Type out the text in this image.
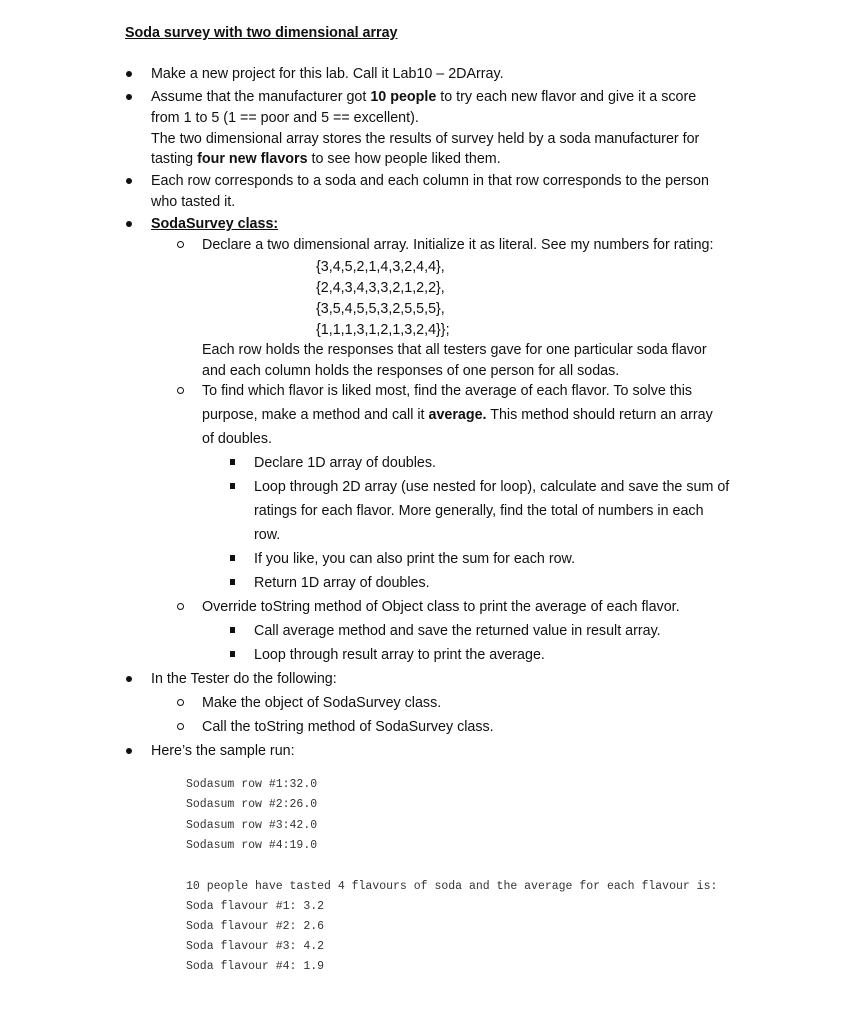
Soda survey with two dimensional array
Make a new project for this lab. Call it Lab10 – 2DArray.
Assume that the manufacturer got 10 people to try each new flavor and give it a score
from 1 to 5 (1 == poor and 5 == excellent).
The two dimensional array stores the results of survey held by a soda manufacturer for
tasting four new flavors to see how people liked them.
Each row corresponds to a soda and each column in that row corresponds to the person
who tasted it.
SodaSurvey class:
Declare a two dimensional array. Initialize it as literal. See my numbers for rating:
{3,4,5,2,1,4,3,2,4,4},
{2,4,3,4,3,3,2,1,2,2},
{3,5,4,5,5,3,2,5,5,5},
{1,1,1,3,1,2,1,3,2,4}};
Each row holds the responses that all testers gave for one particular soda flavor
and each column holds the responses of one person for all sodas.
To find which flavor is liked most, find the average of each flavor. To solve this
purpose, make a method and call it average. This method should return an array
of doubles.
Declare 1D array of doubles.
Loop through 2D array (use nested for loop), calculate and save the sum of
ratings for each flavor. More generally, find the total of numbers in each
row.
If you like, you can also print the sum for each row.
Return 1D array of doubles.
Override toString method of Object class to print the average of each flavor.
Call average method and save the returned value in result array.
Loop through result array to print the average.
In the Tester do the following:
Make the object of SodaSurvey class.
Call the toString method of SodaSurvey class.
Here’s the sample run:
Sodasum row #1:32.0
Sodasum row #2:26.0
Sodasum row #3:42.0
Sodasum row #4:19.0
10 people have tasted 4 flavours of soda and the average for each flavour is:
Soda flavour #1: 3.2
Soda flavour #2: 2.6
Soda flavour #3: 4.2
Soda flavour #4: 1.9
